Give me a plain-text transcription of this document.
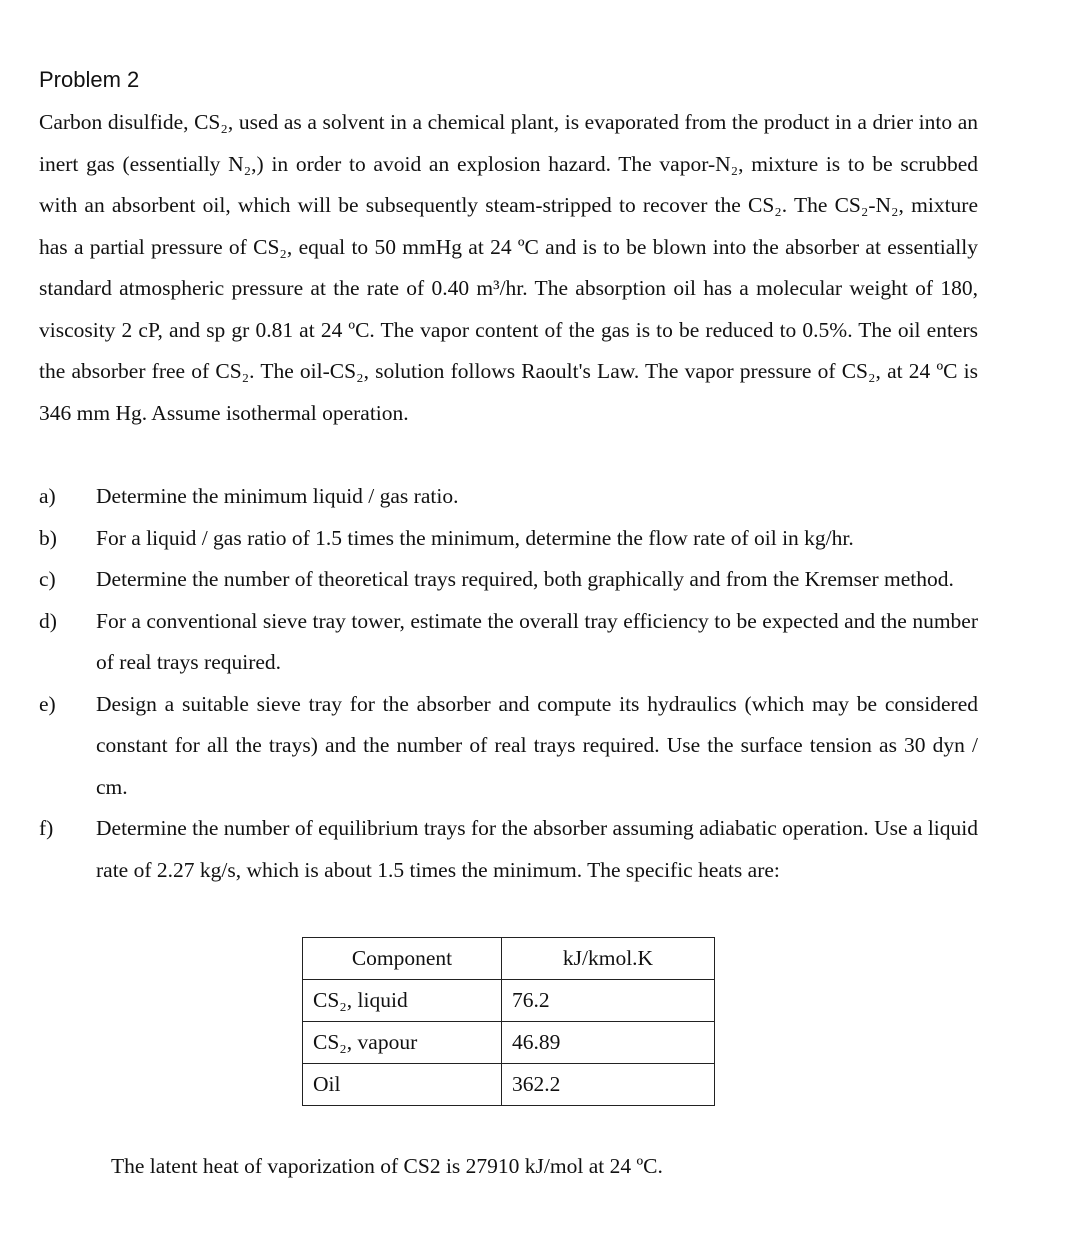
Problem 2
Carbon disulfide, CS₂, used as a solvent in a chemical plant, is evaporated from the product in a drier into an inert gas (essentially N₂,) in order to avoid an explosion hazard. The vapor-N₂, mixture is to be scrubbed with an absorbent oil, which will be subsequently steam-stripped to recover the CS₂. The CS₂-N₂, mixture has a partial pressure of CS₂, equal to 50 mmHg at 24 ºC and is to be blown into the absorber at essentially standard atmospheric pressure at the rate of 0.40 m³/hr. The absorption oil has a molecular weight of 180, viscosity 2 cP, and sp gr 0.81 at 24 ºC. The vapor content of the gas is to be reduced to 0.5%. The oil enters the absorber free of CS₂. The oil-CS₂, solution follows Raoult's Law. The vapor pressure of CS₂, at 24 ºC is 346 mm Hg. Assume isothermal operation.
a)	Determine the minimum liquid / gas ratio.
b)	For a liquid / gas ratio of 1.5 times the minimum, determine the flow rate of oil in kg/hr.
c)	Determine the number of theoretical trays required, both graphically and from the Kremser method.
d)	For a conventional sieve tray tower, estimate the overall tray efficiency to be expected and the number of real trays required.
e)	Design a suitable sieve tray for the absorber and compute its hydraulics (which may be considered constant for all the trays) and the number of real trays required. Use the surface tension as 30 dyn / cm.
f)	Determine the number of equilibrium trays for the absorber assuming adiabatic operation. Use a liquid rate of 2.27 kg/s, which is about 1.5 times the minimum. The specific heats are:
Component	kJ/kmol.K
CS₂, liquid	76.2
CS₂, vapour	46.89
Oil	362.2
The latent heat of vaporization of CS2 is 27910 kJ/mol at 24 ºC.
